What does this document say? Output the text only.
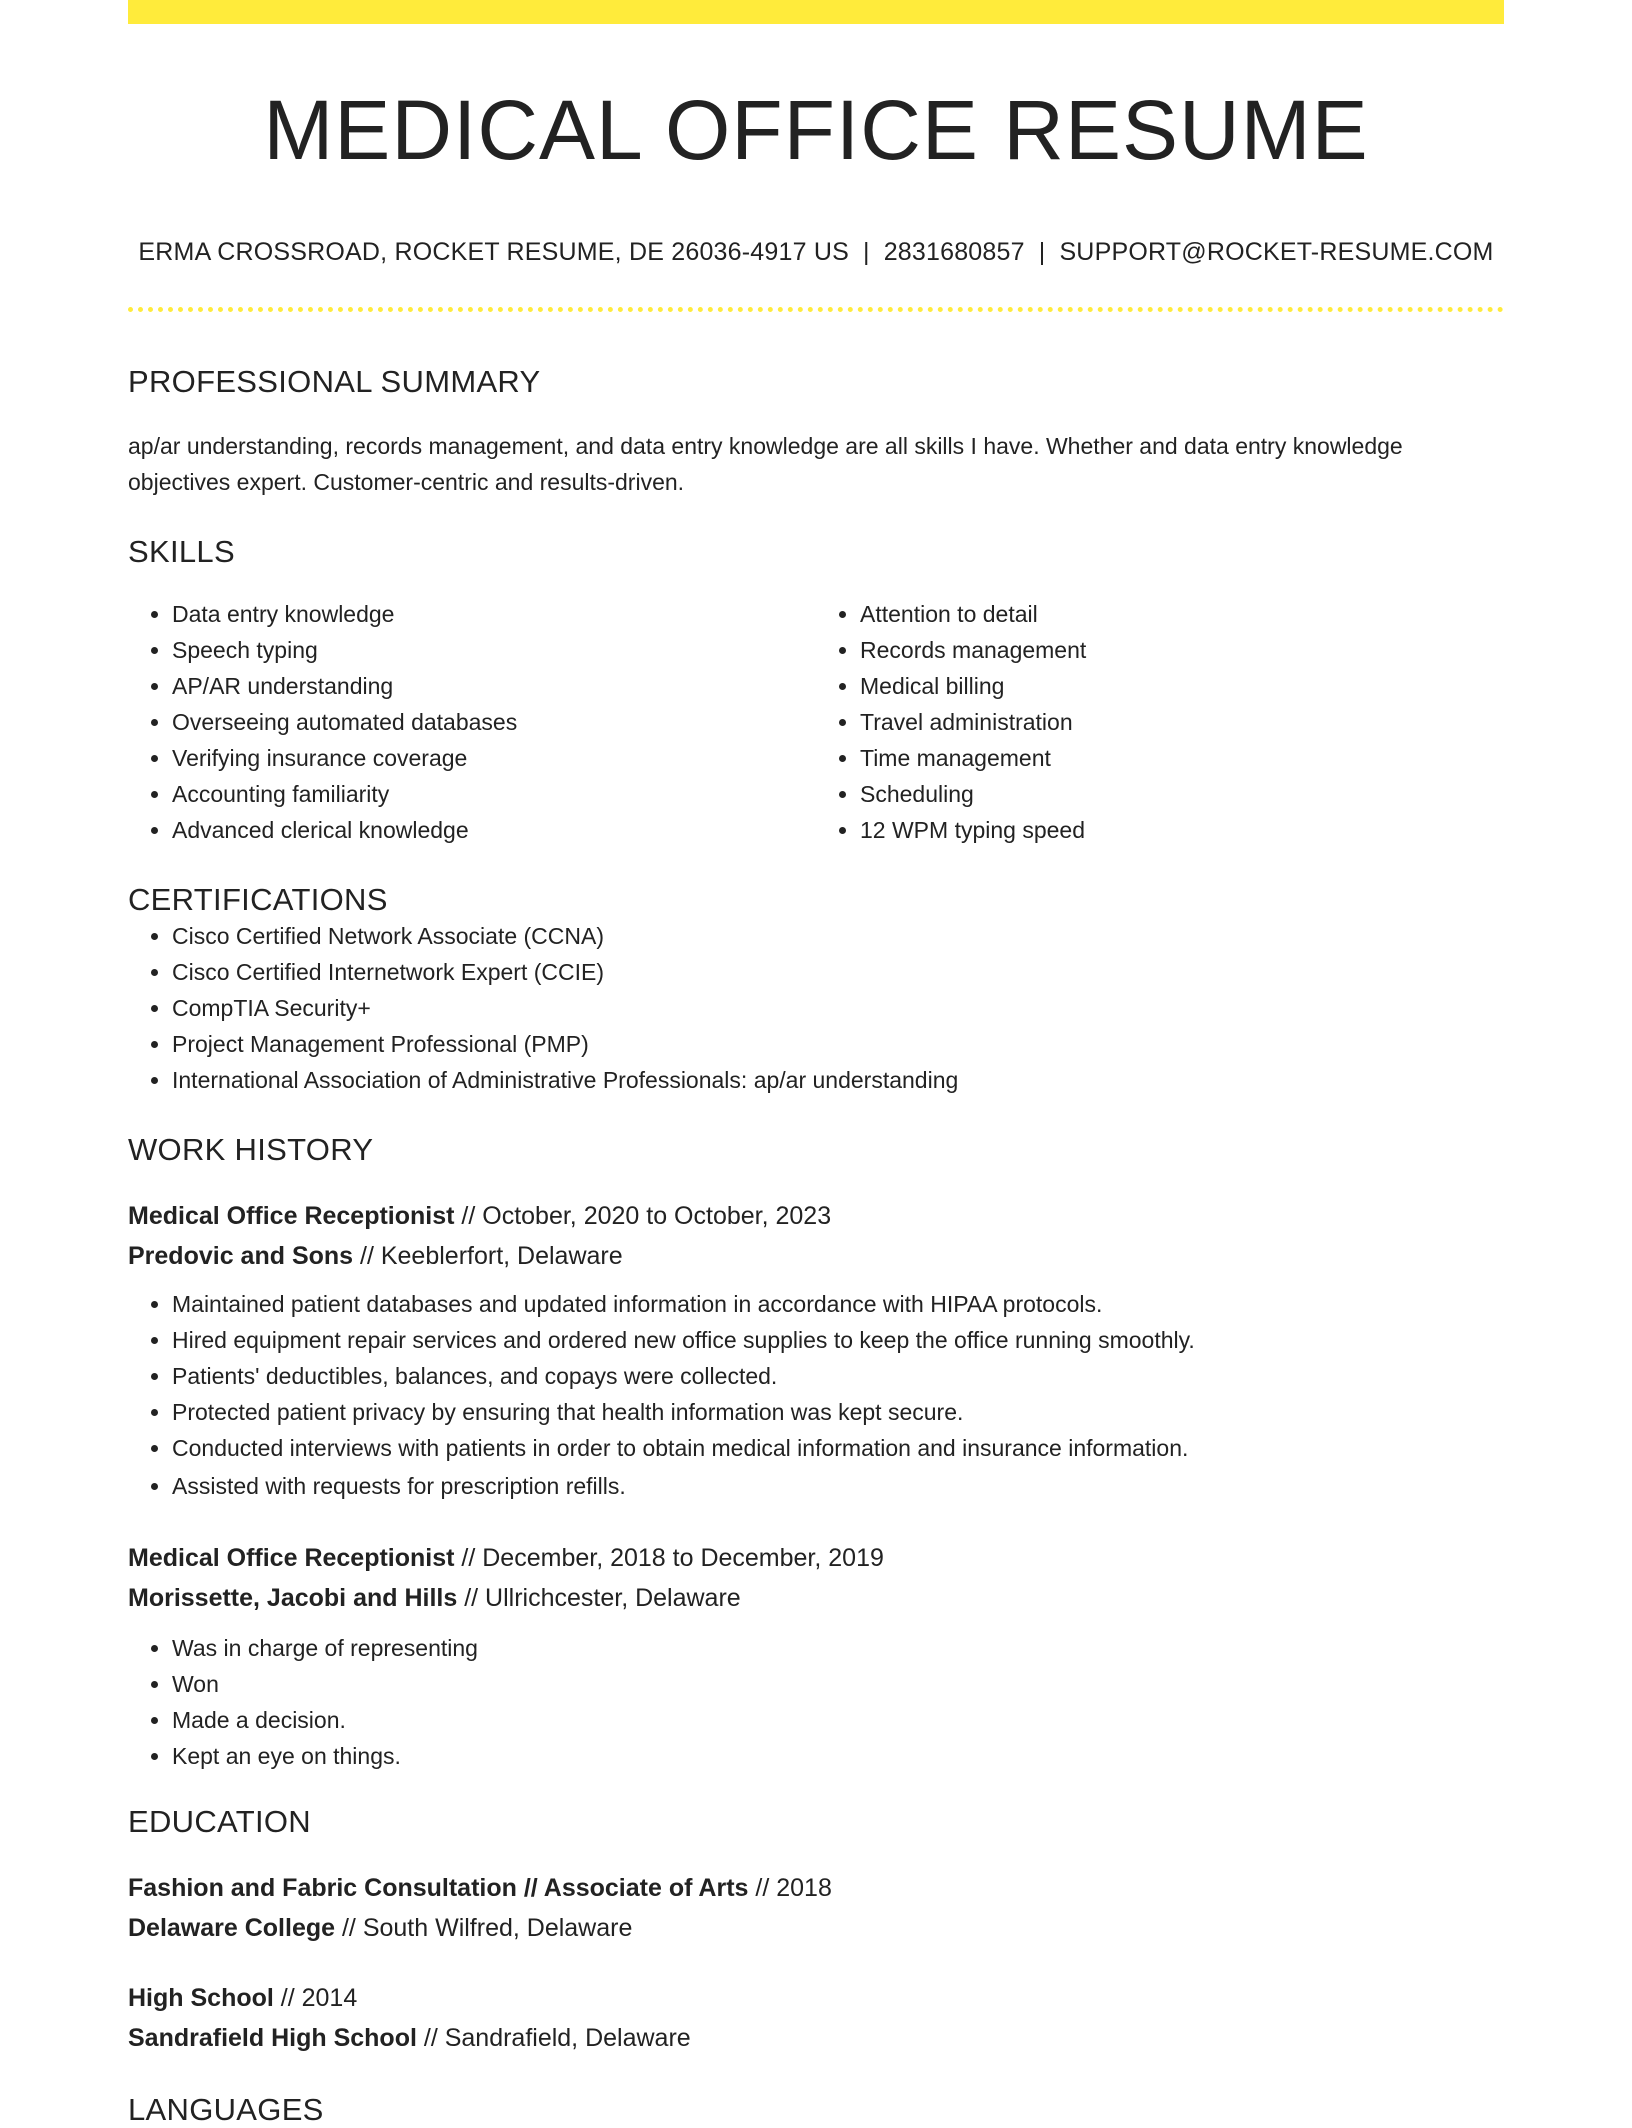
MEDICAL OFFICE RESUME
ERMA CROSSROAD, ROCKET RESUME, DE 26036-4917 US | 2831680857 | SUPPORT@ROCKET-RESUME.COM
PROFESSIONAL SUMMARY

ap/ar understanding, records management, and data entry knowledge are all skills I have. Whether and data entry knowledge objectives expert. Customer-centric and results-driven.

SKILLS
• Data entry knowledge
• Speech typing
• AP/AR understanding
• Overseeing automated databases
• Verifying insurance coverage
• Accounting familiarity
• Advanced clerical knowledge
• Attention to detail
• Records management
• Medical billing
• Travel administration
• Time management
• Scheduling
• 12 WPM typing speed
CERTIFICATIONS
• Cisco Certified Network Associate (CCNA)
• Cisco Certified Internetwork Expert (CCIE)
• CompTIA Security+
• Project Management Professional (PMP)
• International Association of Administrative Professionals: ap/ar understanding
WORK HISTORY
Medical Office Receptionist // October, 2020 to October, 2023
Predovic and Sons // Keeblerfort, Delaware
• Maintained patient databases and updated information in accordance with HIPAA protocols.
• Hired equipment repair services and ordered new office supplies to keep the office running smoothly.
• Patients' deductibles, balances, and copays were collected.
• Protected patient privacy by ensuring that health information was kept secure.
• Conducted interviews with patients in order to obtain medical information and insurance information.
• Assisted with requests for prescription refills.
Medical Office Receptionist // December, 2018 to December, 2019
Morissette, Jacobi and Hills // Ullrichcester, Delaware
• Was in charge of representing
• Won
• Made a decision.
• Kept an eye on things.
EDUCATION
Fashion and Fabric Consultation // Associate of Arts // 2018
Delaware College // South Wilfred, Delaware
High School // 2014
Sandrafield High School // Sandrafield, Delaware
LANGUAGES
